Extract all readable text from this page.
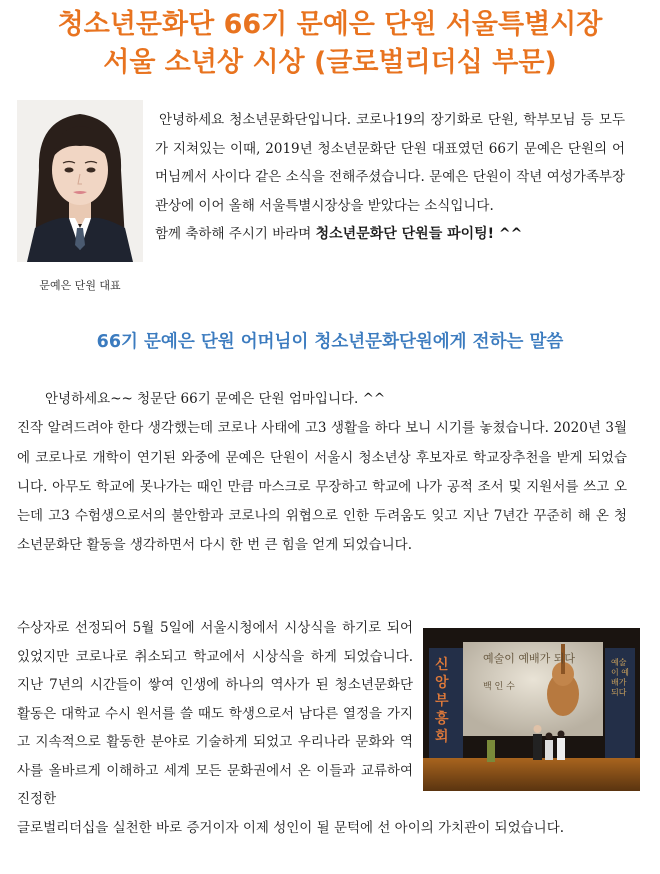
청소년문화단 66기 문예은 단원 서울특별시장
서울 소년상 시상 (글로벌리더십 부문)
문예은 단원 대표

안녕하세요 청소년문화단입니다. 코로나19의 장기화로 단원, 학부모님 등 모두가 지쳐있는 이때, 2019년 청소년문화단 단원 대표였던 66기 문예은 단원의 어머님께서 사이다 같은 소식을 전해주셨습니다. 문예은 단원이 작년 여성가족부장관상에 이어 올해 서울특별시장상을 받았다는 소식입니다.

함께 축하해 주시기 바라며 청소년문화단 단원들 파이팅! ^^

66기 문예은 단원 어머님이 청소년문화단원에게 전하는 말씀

안녕하세요~~ 청문단 66기 문예은 단원 엄마입니다. ^^

진작 알려드려야 한다 생각했는데 코로나 사태에 고3 생활을 하다 보니 시기를 놓쳤습니다. 2020년 3월에 코로나로 개학이 연기된 와중에 문예은 단원이 서울시 청소년상 후보자로 학교장추천을 받게 되었습니다. 아무도 학교에 못나가는 때인 만큼 마스크로 무장하고 학교에 나가 공적 조서 및 지원서를 쓰고 오는데 고3 수험생으로서의 불안함과 코로나의 위협으로 인한 두려움도 잊고 지난 7년간 꾸준히 해 온 청소년문화단 활동을 생각하면서 다시 한 번 큰 힘을 얻게 되었습니다.

수상자로 선정되어 5월 5일에 서울시청에서 시상식을 하기로 되어있었지만 코로나로 취소되고 학교에서 시상식을 하게 되었습니다. 지난 7년의 시간들이 쌓여 인생에 하나의 역사가 된 청소년문화단 활동은 대학교 수시 원서를 쓸 때도 학생으로서 남다른 열정을 가지고 지속적으로 활동한 분야로 기술하게 되었고 우리나라 문화와 역사를 올바르게 이해하고 세계 모든 문화권에서 온 이들과 교류하여 진정한
글로벌리더십을 실천한 바로 증거이자 이제 성인이 될 문턱에 선 아이의 가치관이 되었습니다.
예술이 예배가 되다
백 인 수
신앙부흥회
예술이 예배가 되다
